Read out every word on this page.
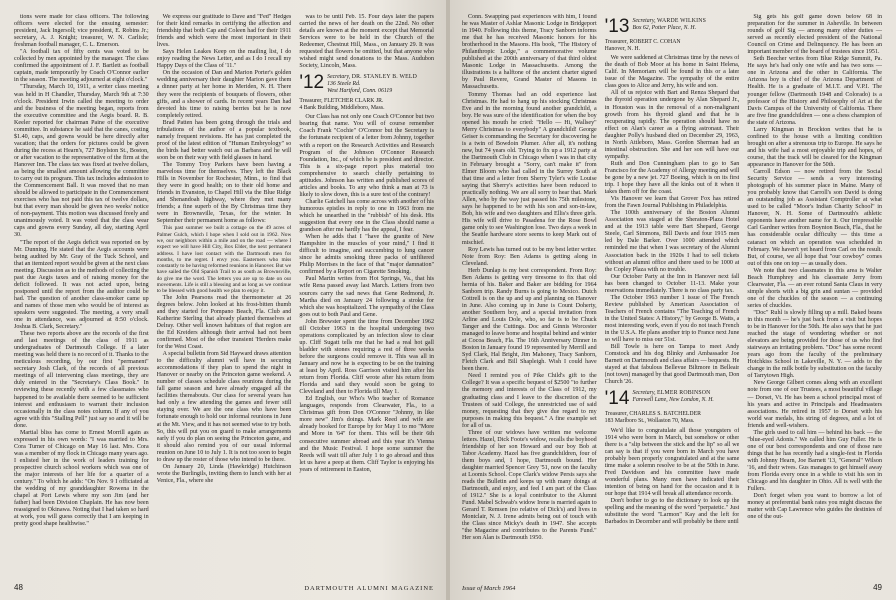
tions were made for class officers. The following officers were elected for the ensuing semester: president, Jack Ingersoll; vice president, E. Robins Jr.; secretary, A. J. Knight; treasurer, W. N. Carlisle; freshman football manager, C. L. Emerson.

"A football tax of fifty cents was voted to be collected by men appointed by the manager. The class confirmed the appointment of J. F. Bartlett as football captain, made temporarily by Coach O'Connor earlier in the season. The meeting adjourned at eight o'clock."

"Thursday, March 10, 1911, a writer class meeting was held in H Chandler, Thursday, March 9th at 7:30 o'clock. President Irwin called the meeting to order and the business of the meeting began, reports from the executive committee and the Aegis board. R. B. Keeler reported for chairman Paine of the executive committee. In substance he said that the canes, costing $1.40, caps, and gowns would be here directly after vacation; that the orders for pictures could be given during the recess at Hearn's, 727 Boylston St., Boston, or after vacation to the representative of the firm at the Hanover Inn. The class tax was fixed at twelve dollars, as being the smallest amount allowing the committee to carry out its program. This tax includes admission to the Commencement Ball. It was moved that no man should be allowed to participate in the Commencement exercises who has not paid this tax of twelve dollars, but that every man should be given two weeks' notice of non-payment. This motion was discussed freely and unanimously voted. It was voted that the class wear caps and gowns every Sunday, all day, starting April 30.

"The report of the Aegis deficit was reported on by Mr. Dunning. He stated that the Aegis accounts were being audited by Mr. Gray of the Tuck School, and that an itemized report would be given at the next class meeting. Discussion as to the methods of collecting the past due Aegis taxes and of raising money for the deficit followed. It was not acted upon, being postponed until the report from the auditor could be had. The question of another class-smoker came up and names of those men who would be of interest as speakers were suggested. The meeting, a very small one in attendance, was adjourned at 8:50 o'clock. Joshua B. Clark, Secretary."

These two reports above are the records of the first and last meetings of the class of 1911 as undergraduates of Dartmouth College. If a later meeting was held there is no record of it. Thanks to the meticulous recording, by our first "permanent" secretary Josh Clark, of the records of all previous meetings of all intervening class meetings, they are duly entered in the "Secretary's Class Book." In reviewing these recently with a few classmates who happened to be available there seemed to be sufficient interest and enthusiasm to warrant their inclusion occasionally in the class notes column. If any of you agree with this "Stalling Pell" just say so and it will be done.

Martial bliss has come to Ernest Morrill again as expressed in his own words: "I was married to Mrs. Cora Turner of Chicago on May 16 last. Mrs. Cora was a member of my flock in Chicago many years ago. I enlisted her in the work of leaders training for prospective church school workers which was one of the major interests of her life for a quarter of a century." To which he adds: "On Nov. 9 I officiated at the wedding of my granddaughter Rowena in the chapel at Port Lewis where my son Jim (and her father) had been Division Chaplain. He has now been reassigned to Okinawa. Noting that I had taken so hard at work, you will guess correctly that I am keeping in pretty good shape healthwise."

We express our gratitude to Dave and "Fed" Hedges for their kind remarks in certifying the affection and friendship that both Cap and Coleen had for their 1911 friends and which were the most important in their lives.

Says Helen Leakes Keep on the mailing list, I do enjoy reading the News Letter, and as I do I recall my Happy Days of the Class of '11."

On the occasion of Dan and Marion Porter's golden wedding anniversary their daughter Marion gave them a dinner party at her home in Meriden, N. H. There they were the recipients of bouquets of flowers, other gifts, and a shower of cards. In recent years Dan had devoted his time to raising berries but he is now completely retired.

Brad Patten has been going through the trials and tribulations of the author of a popular textbook, namely frequent revisions. He has just completed the proof of the latest edition of "Human Embryology" so the birds had better watch out as Barbara and he will soon be on their way with field glasses in hand.

The Tommy Troy Parkers have been having a marvelous time for themselves. They left the Black Hills in November for Rochester, Minn., to find that they were in good health; on to their old home and friends in Evanston, to Chapel Hill via the Blue Ridge and Shenandoah highway, where they met many friends; a fine superb of the By Christmas time they were in Brownsville, Texas, for the winter. In September their permanent home as follows:

This past summer we built a cottage on the 49 acres of Palmer Gulch, which I hope when I sold out in 1962. Now we, our neighbors within a mile and on the road — where I expect we will have Hill City, Box Elder, the next permanent address. I have lost contact with the Dartmouth men for months, to me regret. I envy you. Easterners who miss constantly to be having reformed reunions in Hanover. But we have sailed the Old Spanish Trail to as south as Brownsville, do give me the word. The letters you are up to date on our movements. Life is still a blessing and as long as we continue to be blessed with good health we plan to enjoy it.

The John Pearsons read the thermometer at 26 degrees below. John looked at his frost-bitten thumb and they started for Pompano Beach, Fla. Club and Katherine Sterling that already planted themselves at Delray. Other well known habitues of that region are the Ed Kreiders although their arrival had not been confirmed. Most of the other transient 'Herders make for the West Coast.

A special bulletin from Sid Hayward draws attention to the difficulty alumni will have in securing accommodations if they plan to spend the night in Hanover or nearby on the Princeton game weekend. A number of classes schedule class reunions during the fall game season and have already engaged all the facilities thereabouts. Our class for several years has had only a few attending the games and fewer still staying over. We are the one class who have been fortunate enough to hold our informal reunions in June at the Mt. View, and it has not seemed wise to try both. So, this will put you on guard to make arrangements early if you do plan on seeing the Princeton game, and it should also remind you of our usual informal reunion on June 10 to July 1. It is not too soon to begin to draw up the roster of those who intend to be there.

On January 20, Linda (Hawkridge) Hutchinson wrote the Burlingils, inviting them to lunch with her at Venice, Fla., where she

was to be until Feb. 15. Four days later the papers carried the news of her death on the 22nd. No other details are known at the moment except that Memorial Services were to be held in the Church of the Redeemer, Chestnut Hill, Mass., on January 29. It was requested that flowers be omitted, but that anyone who wished might send donations to the Mass. Audubon Society, Lincoln, Mass.

'12 Secretary, DR. STANLEY B. WELD
136 Steele Rd.
West Hartford, Conn. 06119
Treasurer, FLETCHER CLARK JR.
4 Bank Building, Middleboro, Mass.

Our Class has not only one Coach O'Connor but two bearing that name. You will of course remember Coach Frank "Cochie" O'Connor but the Secretary is the fortunate recipient of a letter from Johnny, together with a report on the Research Activities and Research Program of the Johnson O'Connor Research Foundation, Inc., of which he is president and director. This is a six-page report plus material too comprehensive to search chiefly pertaining to aptitudes. Johnson has written and published scores of articles and books. To any who think a man at 73 is likely to slow down, this is a sure test of the contrary!

Charlie Gatchell has come across with another of his humorous epistles in reply to one in 1963 from me which he unearthed in the "rubbish" of his desk. His suggestion that every one in the Class should name a grandson after me hardly has the appeal, I fear.

When he adds that I "have the granite of New Hampshire in the muscles of your mind," I find it difficult to imagine, and succumbing to lung cancer since he admits smoking three packs of unfiltered Philip Morrises in the face of that "major damnation" confirmed by a Report on Cigarette Smoking.

Paul Martin writes from Hot Springs, Va., that his wife Rena passed away last March. Letters from two sources carry the sad news that Gene Redmond, Jr. Martha died on January 24 following a stroke for which she was hospitalized. The sympathy of the Class goes out to both Paul and Gene.

John Brewster spent the time from December 1962 till October 1963 in the hospital undergoing two operations complicated by an infection slow to clear up. Cliff Sugatt tells me that he had a real hot gall bladder with stones requiring a rest of three weeks before the surgeons could remove it. This was all in January and now he is expecting to be on the training at least by April. Ross Garrison visited him after his return from Florida. Cliff wrote after his return from Florida and said they would soon be going to Cleveland and then to Florida till May 1.

Ed English, our Who's Who teacher of Romance languages, responds from Clearwater, Fla., to a Christmas gift from Don O'Connor "Johnny, in like more new" Jim's doings. Mark Reed and wife are already booked for Europe by for May 1 to mo "More and More in '64" for them. This will be their 6th consecutive summer abroad and this year it's Vienna and the Music Festival. I hope some summer the Reeds will wait till after July 1 to go abroad and thus let us have a peep at them. Cliff Taylor is enjoying his years of retirement in Easton,

48	DARTMOUTH ALUMNI MAGAZINE

Conn. Swapping past experiences with him, I found he was Master of Ashlar Masonic Lodge in Bridgeport in 1940. Following this theme, Tracy Sanborn informs me that he has received Masonic honors for his brotherhood in the Masons. His book, "The History of Philanthropic Lodge," a commemorative volume published at the 200th anniversary of that third oldest Masonic Lodge in Massachusetts. Among the illustrations is a halftone of the ancient charter signed by Paul Revere, Grand Master of Masons in Massachusetts.

Tommy Thomas had an odd experience last Christmas. He had to hang up his stocking Christmas Eve and in the morning found another grandchild, a boy. He was sure of the identification for when the boy opened his mouth he cried: "Hello — Hi, Wallsey" Merry Christmas to everybody" A grandchild! George Geiser is commanding the Secretary for discovering he is a twin of Bowdoin Plumer. After all, it's nothing new, but 74 years old. Trying to fix up a 1912 party at the Dartmouth Club in Chicago when I was in that city in February brought a "Sorry, can't make it" from Elmer Bloom who had called in the Surrey South at that time and a letter from Sherry Tyler's wife Louise saying that Sherry's activities have been reduced to practically nothing. We are all sorry to hear that. Mark Allen, who by the way just passed his 75th milestone, says he happened to be with his son and son-in-law, Bob, his wife and two daughters and Ellis's three girls. His wife will drive to Pasadena for the Rose Bowl game only to see Washington lose. Two days a week in the Seattle hardware store seems to keep Mark out of mischief.

Roy Lewis has turned out to be my best letter writer. Note from Roy: Ben Adams is getting along in Cleveland.

Herb Dunlap is my best correspondent. From Roy: Ben Adams is getting very tiresome to fix that old hernia of his. Baker and Baker are bidding for 1964 Sanborn trip. Randy Burns is going to Mexico. Dutch Cottrell is on the up and up and planning on Hanover in June. Also coming up in June is Count Doherty, another Southern boy, and a special invitation from Arline and Louis Dole, who, so far is to be Chuck Tanger and the Cuttings. Doc and Ginnis Worcester managed to leave home and hospital behind and winter at Cocoa Beach, Fla. The 16th Anniversary Dinner in Boston in January found 19 represented by Merrill and Syd Clark, Hal Bright, Jim Mahoney, Tracy Sanborn, Fletch Clark and Bill Shapleigh. Wish I could have been there.

Need I remind you of Pike Child's gift to the College? It was a specific bequest of $2500 "to further the memory and interests of the Class of 1912, my graduating class and I leave to the discretion of the Trustees of said College, the unrestricted use of said money, requesting that they give due regard to my purposes in making this bequest." A fine example set for all of us.

Three of our widows have written me welcome letters. Hazel, Dick Foote's widow, recalls the boyhood friendship of her son Howard and our boy Bob at Tabor Academy. Hazel has five grandchildren, four of them boys and, I hope, Dartmouth bound. Her daughter married Spencer Grey '51, now on the faculty at Loomis School. Cope Clark's widow Persis says she reads the Bulletin and keeps up with many doings at Dartmouth, and enjoy, and feel I am part of the Class of 1912." She is a loyal contributor to the Alumni Fund. Mabel Schwab's widow Irene is married again to Gerard T. Remsen (no relative of Dick's) and lives in Montclair, N. J. Irene admits being out of touch with the Class since Micky's death in 1947. She accepts "the Magazine and contributes to the Parents Fund." Her son Alan is Dartmouth 1950.

'13 Secretary, WARDE WILKINS
Box 62, Potter Place, N. H.
Treasurer, ROBERT C. COHAN
Hanover, N. H.

We were saddened at Christmas time by the news of the death of Bob Moor at his home in Saint Helena, Calif. In Memoriam will be found in this or a later issue of the Magazine. The sympathy of the entire class goes to Alice and Jerry, his wife and son.

All of us rejoice with Bart and Renza Shepard that the thyroid operation undergone by Alan Shepard Jr., in Houston was in the removal of a non-malignant growth from his thyroid gland and that he is recuperating rapidly. The operation should have no effect on Alan's career as a flying astronaut. Their daughter Polly's husband died on December 29, 1963, in North Attleboro, Mass. Gordon Sherman had an intestinal obstruction. She and her son will have our sympathy.

Ruth and Don Cunningham plan to go to San Francisco for the Academy of Allergy meeting and will be gone by a new jet. 727 Boeing, which is on its first trip. I hope they have all the kinks out of it when it takes them off for the coast.

Vis Hanover we learn that Grover Fox has retired from the Fawn Journal Publishing in Philadelphia.

The 100th anniversary of the Boston Alumni Association was staged at the Sheraton-Plaza Hotel and at the 1913 table were Bart Shepard, George Steele, Carl Simmons, Bill Davis and four 1915 men led by Dale Barker. Over 1000 attended which reminded me that when I was secretary of the Alumni Association back in the 1920s I had to sell tickets without an alumni office and there used to be 1000 at the Copley Plaza with no trouble.

Our October Party at the Inn in Hanover next fall has been changed to October 11-13. Make your reservations immediately. There is no class party tax.

The October 1963 number 1 issue of The French Review published by American Association of Teachers of French contains "The Teaching of French in the United States: A History," by George B. Watts, a most interesting work, even if you do not teach French in the U.S.A. He plans another trip to France next June so will have to miss our 51st.

Bill Towle is here on Tampa to meet Andy Comstock and his dog Blinky and Ambassador Joe Barnett on Dartmouth and class affairs — bequests. He stayed at that fabulous Bellevue Biltmore in Belleair (not town) managed by that good Dartmouth man, Don Church '26.

'14 Secretary, ELMER ROBINSON
Farewell Lane, New London, N. H.
Treasurer, CHARLES S. BATCHELDER
183 Marlboro St., Wollaston 70, Mass.

We'd like to congratulate all those youngsters of 1914 who were born in March, but somehow or other there is a "slip between the stick and the lip" so all we can say is that if you were born in March you have probably been properly congratulated and at the same time make a solemn resolve to be at the 50th in June. Fred Davidson and his committee have made wonderful plans. Many men have indicated their intention of being on hand for the occasion and it is our hope that 1914 will break all attendance records.

Don't bother to go to the dictionary to look up the spelling and the meaning of the word "perpatetic." Just substitute the word "Larmon" Kay and the left for Barbados in December and will probably be there until

Sig gets his golf game down below 68 in preparation for the summer in Asheville. In between rounds of golf Sig — among many other duties — served as recently elected president of the National Council on Crime and Delinquency. He has been an important member of the board of trustees since 1951.

Seth Beecher writes from Blue Ridge Summit, Pa. He says he's had only one wife and has two sons — one in Arizona and the other in California. The Arizona boy is chief of the Arizona Department of Health. He is a graduate of M.I.T. and V.P.I. The younger fellow (Dartmouth 1948 and Colorado) is a professor of the History and Philosophy of Art at the Davis Campus of the University of California. There are five fine grandchildren — one a chess champion of the state of Arizona.

Larry Kingman in Brockton writes that he is confined to the house with a limiting condition brought on after a strenuous trip to Europe. He says he and his wife had a most enjoyable trip and hopes, of course, that the track will be cleared for the Kingman appearance in Hanover for the 50th.

Carroll Edson — now retired from the Social Security Service — sends a very interesting photograph of his summer place in Maine. Many of you probably know that Carroll's son David is doing an outstanding job as Assistant Comptroller at what used to be called "Moor's Indian Charity School" in Hanover, N. H. Some of Dartmouth's athletic opponents have another name for it. Our irrepressible Carl Gardner writes from Boynton Beach, Fla., that he has considerable ocular difficulty — this time a cataract on which an operation was scheduled in February. We haven't yet heard from Carl on the result. But, of course, we all hope that "our cowboy" comes out of this one on top — as usually does.

We note that two classmates in this area is Walter Beach Humphrey and his classmate Jerry from Clearwater, Fla. — an ever rotund Santa Claus in very simple shorts with a big grin and suntan — provided one of the chuckles of the season — a continuing series of chuckles.

"Doc" Ruhl is slowly filling up a mill. Baked beans in this month — he's just back from a visit but hopes to be in Hanover for the 50th. He also says that he just reached the stage of wondering whether or not elevators are being provided for those of us who find stairways an irritating problem. "Doc" has some recent years ago from the faculty of the preliminary Hotchkiss School in Lakeville, N. Y. — adds to the change in the milk bottle by substitution on the faculty of Tarrytown High.

New George Gilbert comes along with an excellent note from one of our Trustees, a most beautiful village — Dorset, Vt. He has been a school principal most of his years and active in Principals and Headmasters associations. He retired in 1957 to Dorset with his world war medals, his string of degrees, and a lot of friends and well-wishers.

The girls used to call him — behind his back — the "blue-eyed Adonis." We called him Guy Fuller. He is one of our best correspondents and one of those rare things that he has recently had a single-fest in Florida with Johnny Hearn, Joe Barnett '13, "General" Wilson '16, and their wives. Gus manages to get himself away from Florida every once in a while to visit his son in Chicago and his daughter in Ohio. All is well with the Fullers.

Don't forget when you want to borrow a lot of money at preferential bank rates you might discuss the matter with Cap Lawrence who guides the destinies of one of the out-

Issue of March 1964	49
